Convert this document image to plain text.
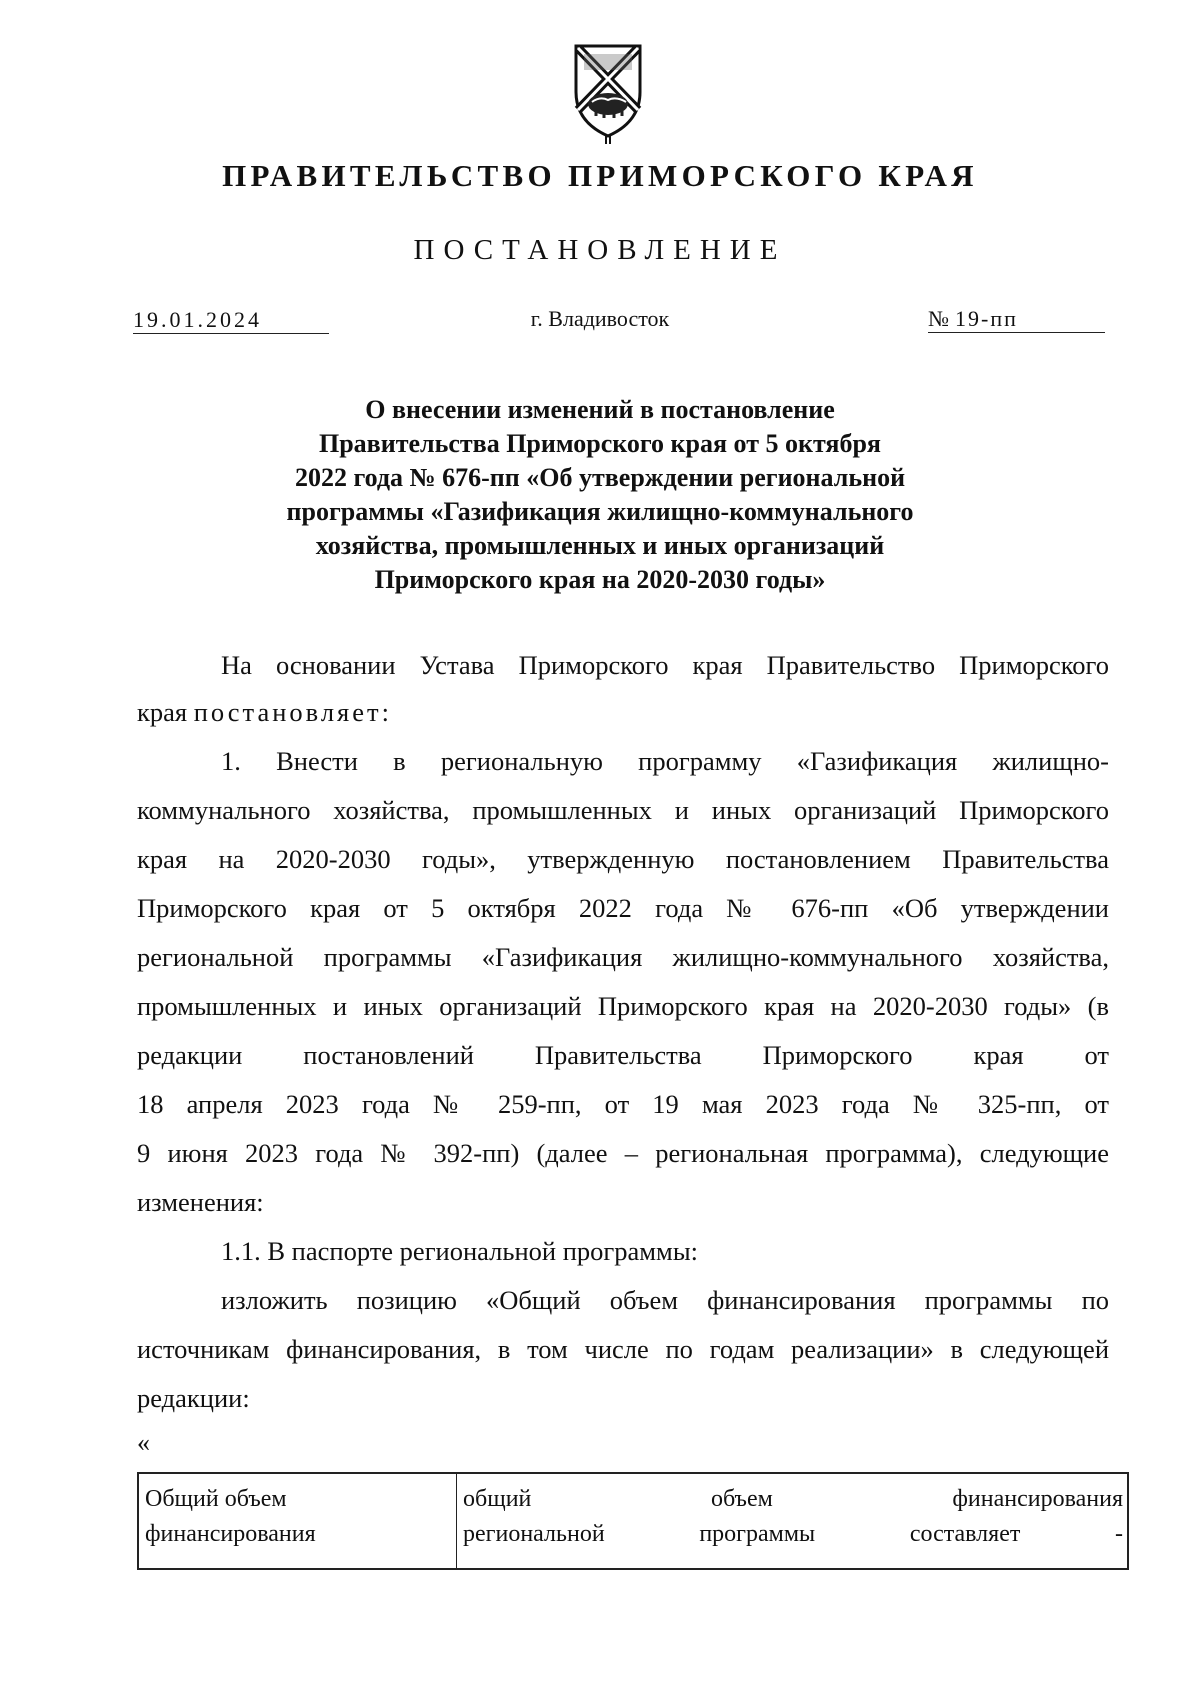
ПРАВИТЕЛЬСТВО ПРИМОРСКОГО КРАЯ
ПОСТАНОВЛЕНИЕ
19.01.2024	г. Владивосток	№ 19-пп
О внесении изменений в постановление
Правительства Приморского края от 5 октября
2022 года № 676-пп «Об утверждении региональной
программы «Газификация жилищно-коммунального
хозяйства, промышленных и иных организаций
Приморского края на 2020-2030 годы»
На основании Устава Приморского края Правительство Приморского
края постановляет:
1. Внести в региональную программу «Газификация жилищно-
коммунального хозяйства, промышленных и иных организаций Приморского
края на 2020-2030 годы», утвержденную постановлением Правительства
Приморского края от 5 октября 2022 года № 676-пп «Об утверждении
региональной программы «Газификация жилищно-коммунального хозяйства,
промышленных и иных организаций Приморского края на 2020-2030 годы» (в
редакции постановлений Правительства Приморского края от
18 апреля 2023 года № 259-пп, от 19 мая 2023 года № 325-пп, от
9 июня 2023 года № 392-пп) (далее – региональная программа), следующие
изменения:
1.1. В паспорте региональной программы:
изложить позицию «Общий объем финансирования программы по
источникам финансирования, в том числе по годам реализации» в следующей
редакции:
«
Общий объем
финансирования
общий объем финансирования
региональной программы составляет -
